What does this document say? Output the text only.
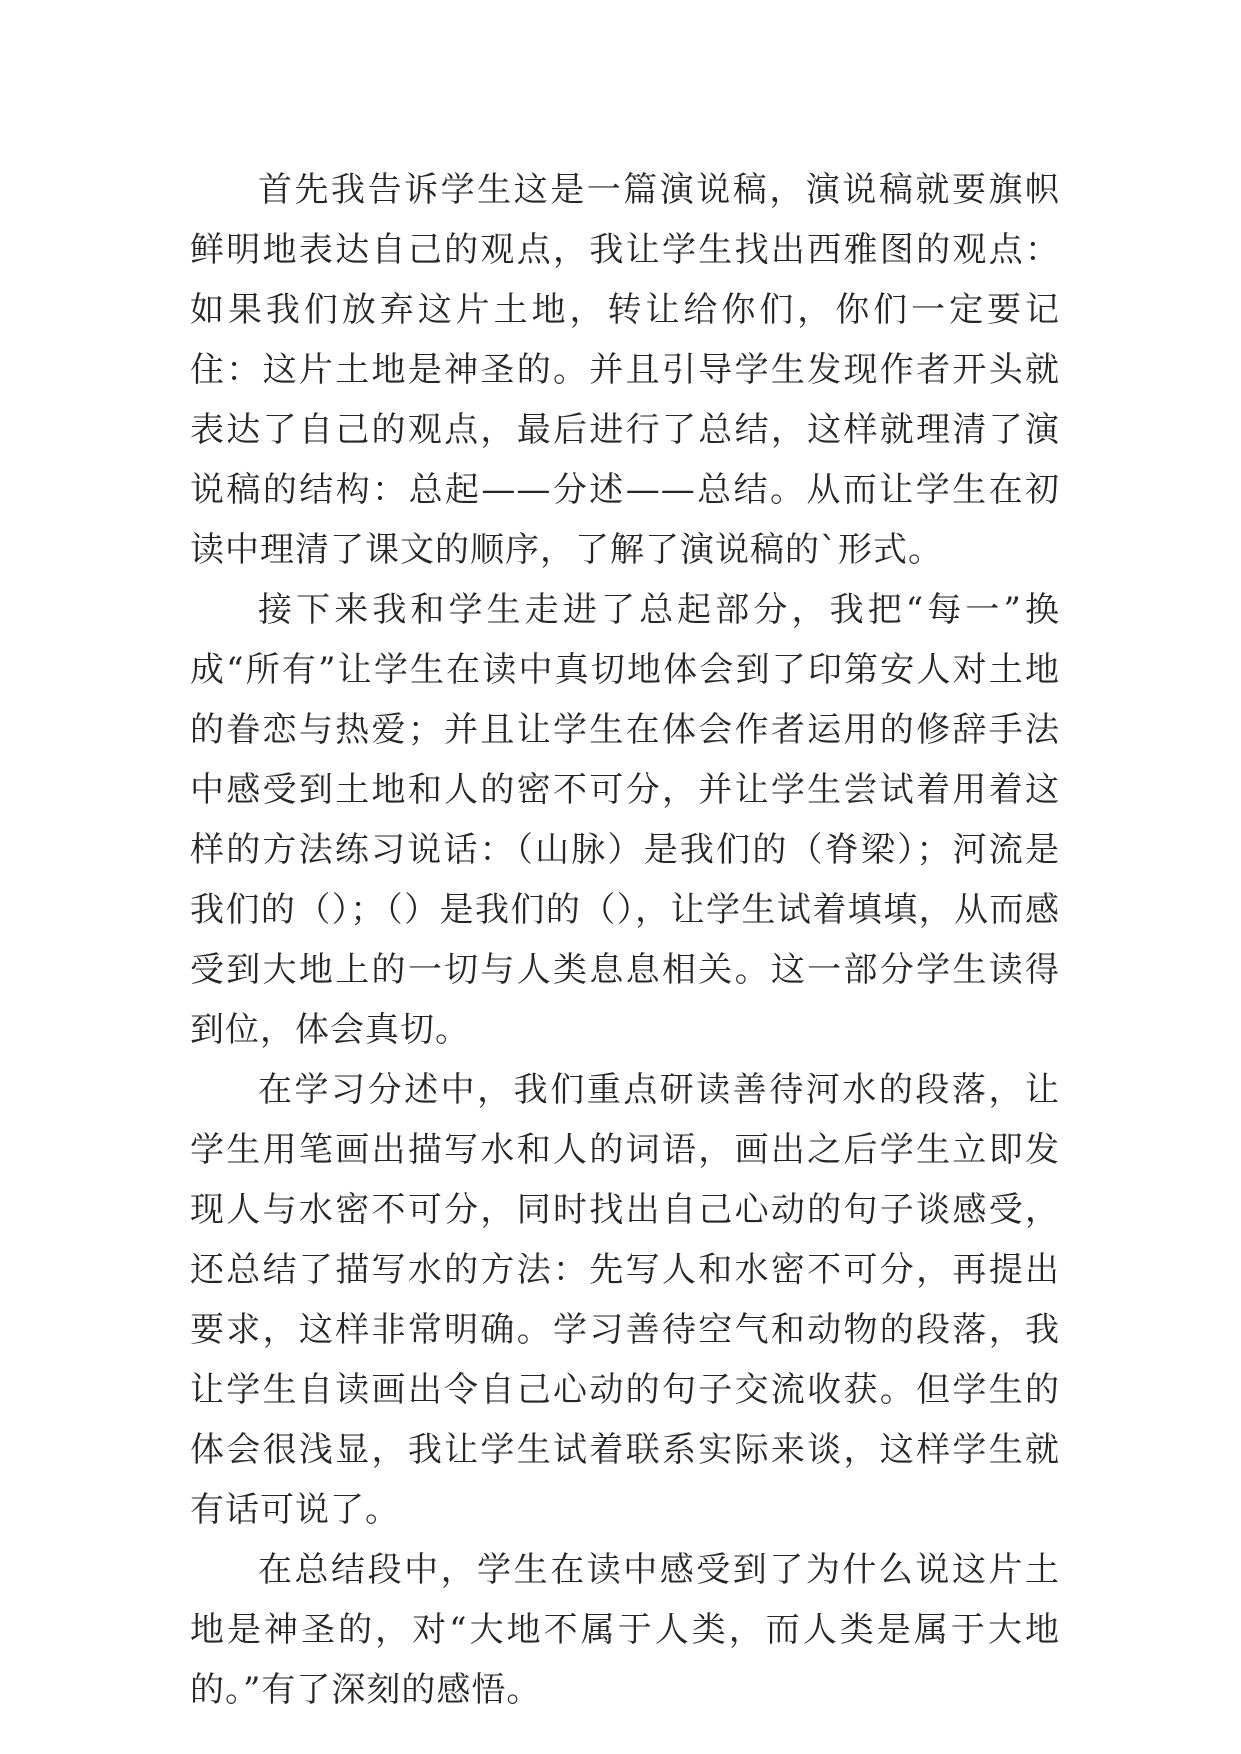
首先我告诉学生这是一篇演说稿，演说稿就要旗帜鲜明地表达自己的观点，我让学生找出西雅图的观点：如果我们放弃这片土地，转让给你们，你们一定要记住：这片土地是神圣的。并且引导学生发现作者开头就表达了自己的观点，最后进行了总结，这样就理清了演说稿的结构：总起——分述——总结。从而让学生在初读中理清了课文的顺序，了解了演说稿的`形式。

接下来我和学生走进了总起部分，我把“每一”换成“所有”让学生在读中真切地体会到了印第安人对土地的眷恋与热爱；并且让学生在体会作者运用的修辞手法中感受到土地和人的密不可分，并让学生尝试着用着这样的方法练习说话：（山脉）是我们的（脊梁）；河流是我们的（）；（）是我们的（），让学生试着填填，从而感受到大地上的一切与人类息息相关。这一部分学生读得到位，体会真切。

在学习分述中，我们重点研读善待河水的段落，让学生用笔画出描写水和人的词语，画出之后学生立即发现人与水密不可分，同时找出自己心动的句子谈感受，还总结了描写水的方法：先写人和水密不可分，再提出要求，这样非常明确。学习善待空气和动物的段落，我让学生自读画出令自己心动的句子交流收获。但学生的体会很浅显，我让学生试着联系实际来谈，这样学生就有话可说了。

在总结段中，学生在读中感受到了为什么说这片土地是神圣的，对“大地不属于人类，而人类是属于大地的。”有了深刻的感悟。
